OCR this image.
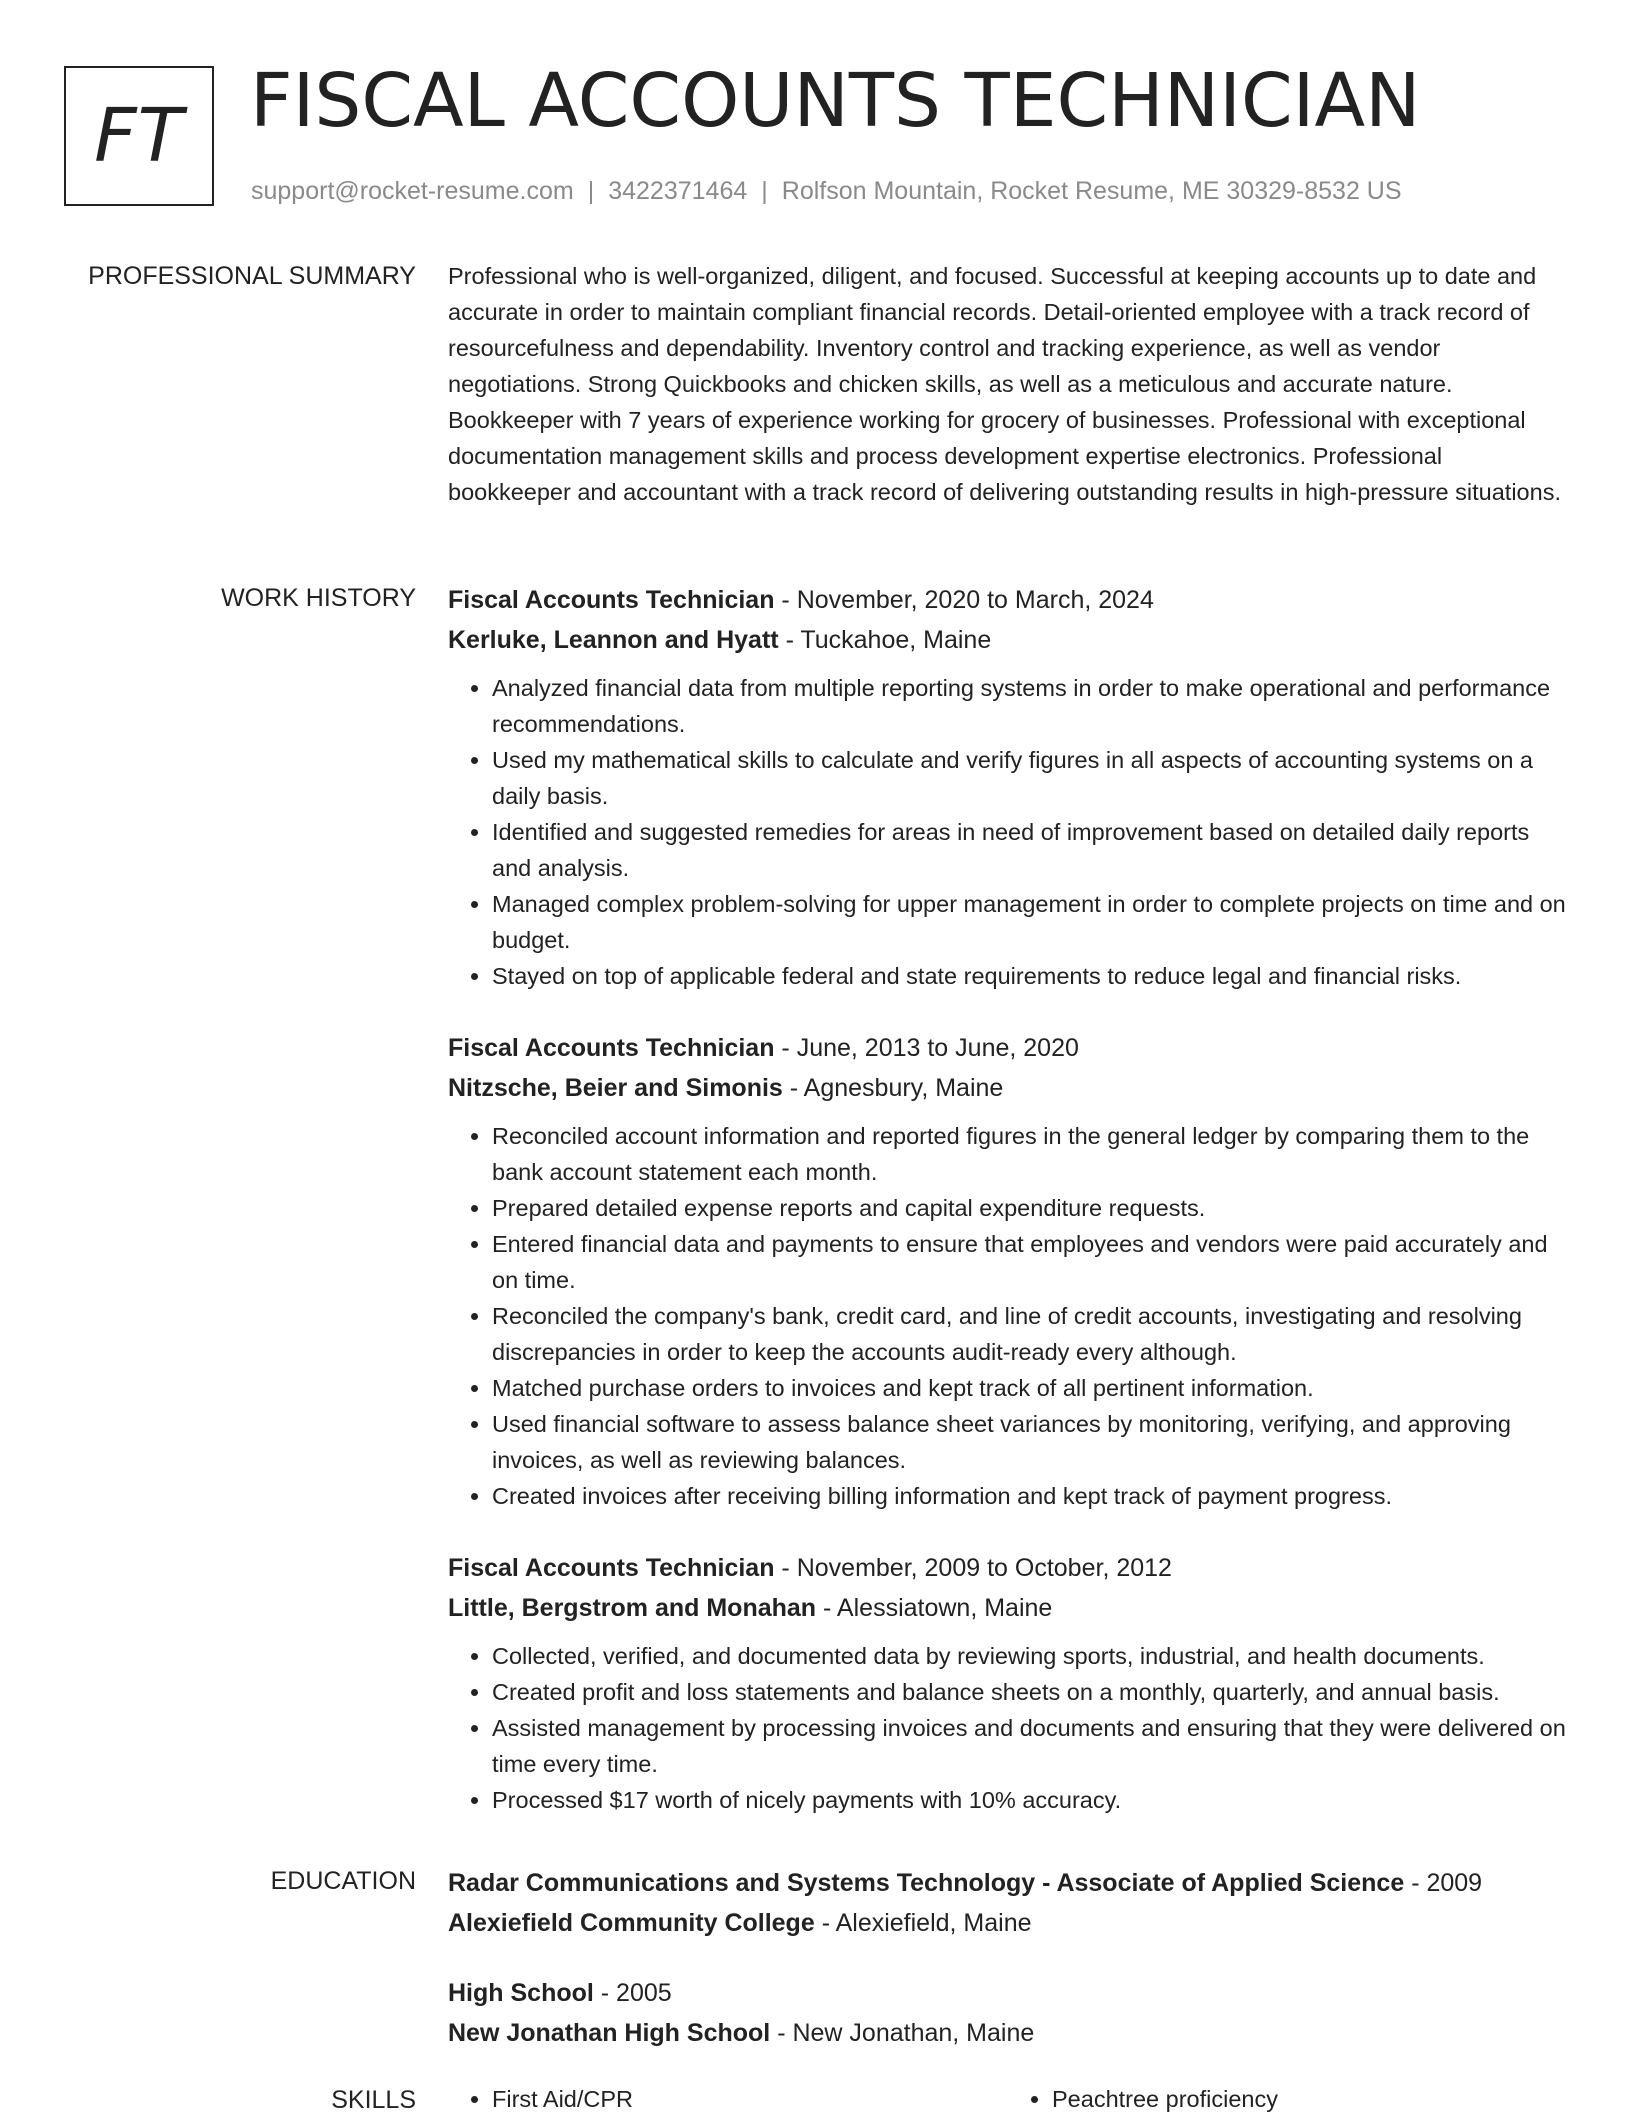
FT FISCAL ACCOUNTS TECHNICIAN
support@rocket-resume.com | 3422371464 | Rolfson Mountain, Rocket Resume, ME 30329-8532 US
PROFESSIONAL SUMMARY Professional who is well-organized, diligent, and focused. Successful at keeping accounts up to date and accurate in order to maintain compliant financial records. Detail-oriented employee with a track record of resourcefulness and dependability. Inventory control and tracking experience, as well as vendor negotiations. Strong Quickbooks and chicken skills, as well as a meticulous and accurate nature. Bookkeeper with 7 years of experience working for grocery of businesses. Professional with exceptional documentation management skills and process development expertise electronics. Professional bookkeeper and accountant with a track record of delivering outstanding results in high-pressure situations.

WORK HISTORY Fiscal Accounts Technician - November, 2020 to March, 2024
Kerluke, Leannon and Hyatt - Tuckahoe, Maine
• Analyzed financial data from multiple reporting systems in order to make operational and performance recommendations.
• Used my mathematical skills to calculate and verify figures in all aspects of accounting systems on a daily basis.
• Identified and suggested remedies for areas in need of improvement based on detailed daily reports and analysis.
• Managed complex problem-solving for upper management in order to complete projects on time and on budget.
• Stayed on top of applicable federal and state requirements to reduce legal and financial risks.
Fiscal Accounts Technician - June, 2013 to June, 2020
Nitzsche, Beier and Simonis - Agnesbury, Maine
• Reconciled account information and reported figures in the general ledger by comparing them to the bank account statement each month.
• Prepared detailed expense reports and capital expenditure requests.
• Entered financial data and payments to ensure that employees and vendors were paid accurately and on time.
• Reconciled the company's bank, credit card, and line of credit accounts, investigating and resolving discrepancies in order to keep the accounts audit-ready every although.
• Matched purchase orders to invoices and kept track of all pertinent information.
• Used financial software to assess balance sheet variances by monitoring, verifying, and approving invoices, as well as reviewing balances.
• Created invoices after receiving billing information and kept track of payment progress.
Fiscal Accounts Technician - November, 2009 to October, 2012
Little, Bergstrom and Monahan - Alessiatown, Maine
• Collected, verified, and documented data by reviewing sports, industrial, and health documents.
• Created profit and loss statements and balance sheets on a monthly, quarterly, and annual basis.
• Assisted management by processing invoices and documents and ensuring that they were delivered on time every time.
• Processed $17 worth of nicely payments with 10% accuracy.
EDUCATION Radar Communications and Systems Technology - Associate of Applied Science - 2009
Alexiefield Community College - Alexiefield, Maine
High School - 2005
New Jonathan High School - New Jonathan, Maine
SKILLS	• First Aid/CPR	• Peachtree proficiency
